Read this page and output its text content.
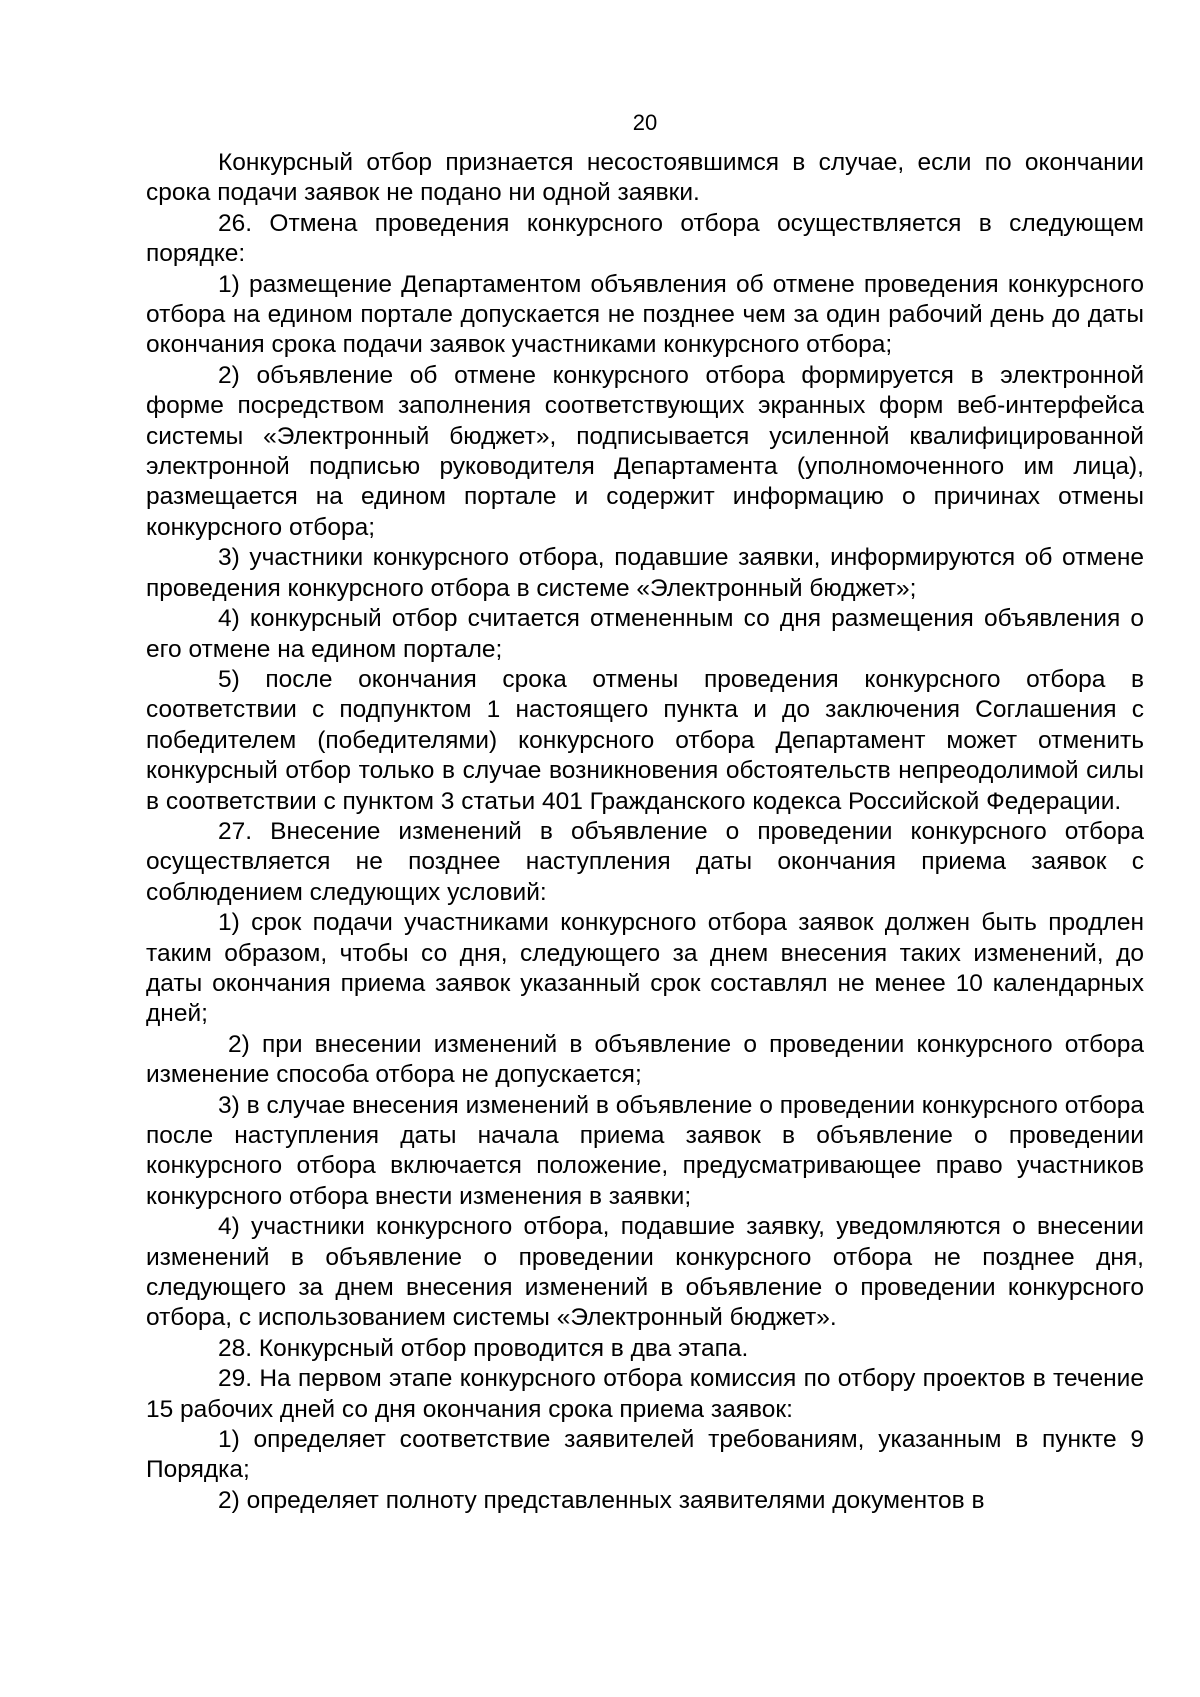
20

Конкурсный отбор признается несостоявшимся в случае, если по окончании срока подачи заявок не подано ни одной заявки.

26. Отмена проведения конкурсного отбора осуществляется в следующем порядке:

1) размещение Департаментом объявления об отмене проведения конкурсного отбора на едином портале допускается не позднее чем за один рабочий день до даты окончания срока подачи заявок участниками конкурсного отбора;

2) объявление об отмене конкурсного отбора формируется в электронной форме посредством заполнения соответствующих экранных форм веб-интерфейса системы «Электронный бюджет», подписывается усиленной квалифицированной электронной подписью руководителя Департамента (уполномоченного им лица), размещается на едином портале и содержит информацию о причинах отмены конкурсного отбора;

3) участники конкурсного отбора, подавшие заявки, информируются об отмене проведения конкурсного отбора в системе «Электронный бюджет»;

4) конкурсный отбор считается отмененным со дня размещения объявления о его отмене на едином портале;

5) после окончания срока отмены проведения конкурсного отбора в соответствии с подпунктом 1 настоящего пункта и до заключения Соглашения с победителем (победителями) конкурсного отбора Департамент может отменить конкурсный отбор только в случае возникновения обстоятельств непреодолимой силы в соответствии с пунктом 3 статьи 401 Гражданского кодекса Российской Федерации.

27. Внесение изменений в объявление о проведении конкурсного отбора осуществляется не позднее наступления даты окончания приема заявок с соблюдением следующих условий:

1) срок подачи участниками конкурсного отбора заявок должен быть продлен таким образом, чтобы со дня, следующего за днем внесения таких изменений, до даты окончания приема заявок указанный срок составлял не менее 10 календарных дней;

2) при внесении изменений в объявление о проведении конкурсного отбора изменение способа отбора не допускается;

3) в случае внесения изменений в объявление о проведении конкурсного отбора после наступления даты начала приема заявок в объявление о проведении конкурсного отбора включается положение, предусматривающее право участников конкурсного отбора внести изменения в заявки;

4) участники конкурсного отбора, подавшие заявку, уведомляются о внесении изменений в объявление о проведении конкурсного отбора не позднее дня, следующего за днем внесения изменений в объявление о проведении конкурсного отбора, с использованием системы «Электронный бюджет».

28. Конкурсный отбор проводится в два этапа.

29. На первом этапе конкурсного отбора комиссия по отбору проектов в течение 15 рабочих дней со дня окончания срока приема заявок:

1) определяет соответствие заявителей требованиям, указанным в пункте 9 Порядка;

2) определяет полноту представленных заявителями документов в
